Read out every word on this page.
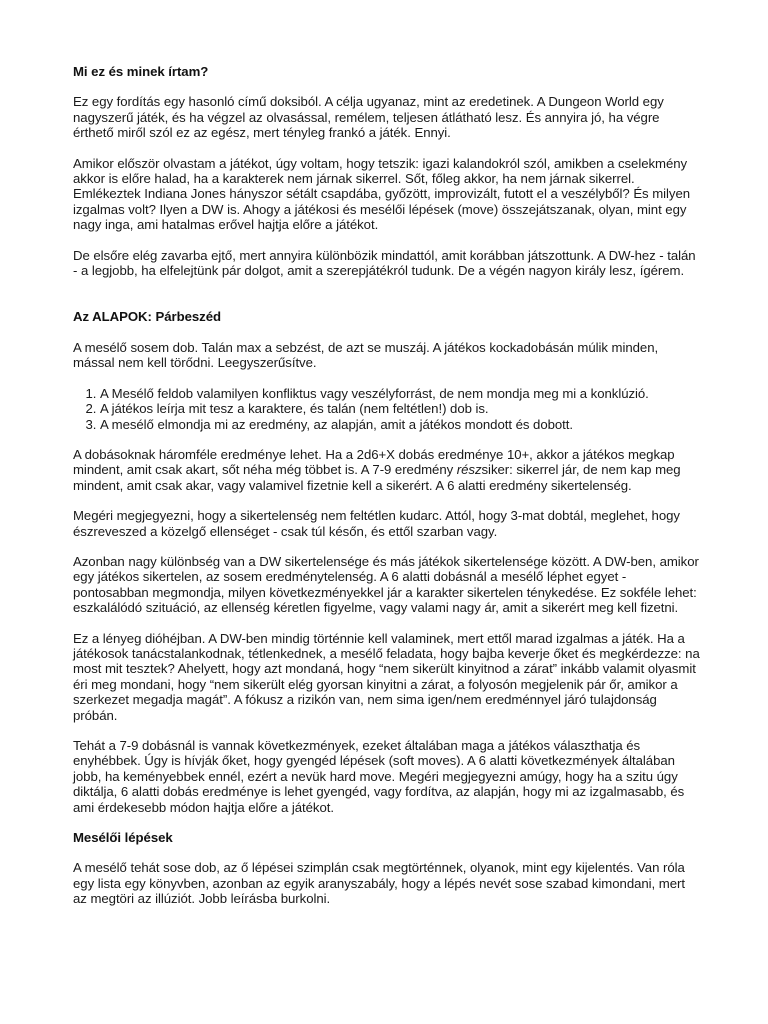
Mi ez és minek írtam?

Ez egy fordítás egy hasonló című doksiból. A célja ugyanaz, mint az eredetinek. A Dungeon World egy nagyszerű játék, és ha végzel az olvasással, remélem, teljesen átlátható lesz. És annyira jó, ha végre érthető miről szól ez az egész, mert tényleg frankó a játék. Ennyi.

Amikor először olvastam a játékot, úgy voltam, hogy tetszik: igazi kalandokról szól, amikben a cselekmény akkor is előre halad, ha a karakterek nem járnak sikerrel. Sőt, főleg akkor, ha nem járnak sikerrel. Emlékeztek Indiana Jones hányszor sétált csapdába, győzött, improvizált, futott el a veszélyből? És milyen izgalmas volt? Ilyen a DW is. Ahogy a játékosi és mesélői lépések (move) összejátszanak, olyan, mint egy nagy inga, ami hatalmas erővel hajtja előre a játékot.

De elsőre elég zavarba ejtő, mert annyira különbözik mindattól, amit korábban játszottunk. A DW-hez - talán - a legjobb, ha elfelejtünk pár dolgot, amit a szerepjátékról tudunk. De a végén nagyon király lesz, ígérem.

Az ALAPOK: Párbeszéd

A mesélő sosem dob. Talán max a sebzést, de azt se muszáj. A játékos kockadobásán múlik minden, mással nem kell törődni. Leegyszerűsítve.

1. A Mesélő feldob valamilyen konfliktus vagy veszélyforrást, de nem mondja meg mi a konklúzió.
2. A játékos leírja mit tesz a karaktere, és talán (nem feltétlen!) dob is.
3. A mesélő elmondja mi az eredmény, az alapján, amit a játékos mondott és dobott.

A dobásoknak háromféle eredménye lehet. Ha a 2d6+X dobás eredménye 10+, akkor a játékos megkap mindent, amit csak akart, sőt néha még többet is. A 7-9 eredmény részsiker: sikerrel jár, de nem kap meg mindent, amit csak akar, vagy valamivel fizetnie kell a sikerért. A 6 alatti eredmény sikertelenség.

Megéri megjegyezni, hogy a sikertelenség nem feltétlen kudarc. Attól, hogy 3-mat dobtál, meglehet, hogy észreveszed a közelgő ellenséget - csak túl későn, és ettől szarban vagy.

Azonban nagy különbség van a DW sikertelensége és más játékok sikertelensége között. A DW-ben, amikor egy játékos sikertelen, az sosem eredménytelenség. A 6 alatti dobásnál a mesélő léphet egyet - pontosabban megmondja, milyen következményekkel jár a karakter sikertelen ténykedése. Ez sokféle lehet: eszkalálódó szituáció, az ellenség kéretlen figyelme, vagy valami nagy ár, amit a sikerért meg kell fizetni.

Ez a lényeg dióhéjban. A DW-ben mindig történnie kell valaminek, mert ettől marad izgalmas a játék. Ha a játékosok tanácstalankodnak, tétlenkednek, a mesélő feladata, hogy bajba keverje őket és megkérdezze: na most mit tesztek? Ahelyett, hogy azt mondaná, hogy “nem sikerült kinyitnod a zárat” inkább valamit olyasmit éri meg mondani, hogy “nem sikerült elég gyorsan kinyitni a zárat, a folyosón megjelenik pár őr, amikor a szerkezet megadja magát”. A fókusz a rizikón van, nem sima igen/nem eredménnyel járó tulajdonság próbán.

Tehát a 7-9 dobásnál is vannak következmények, ezeket általában maga a játékos választhatja és enyhébbek. Úgy is hívják őket, hogy gyengéd lépések (soft moves). A 6 alatti következmények általában jobb, ha keményebbek ennél, ezért a nevük hard move. Megéri megjegyezni amúgy, hogy ha a szitu úgy diktálja, 6 alatti dobás eredménye is lehet gyengéd, vagy fordítva, az alapján, hogy mi az izgalmasabb, és ami érdekesebb módon hajtja előre a játékot.

Mesélői lépések

A mesélő tehát sose dob, az ő lépései szimplán csak megtörténnek, olyanok, mint egy kijelentés. Van róla egy lista egy könyvben, azonban az egyik aranyszabály, hogy a lépés nevét sose szabad kimondani, mert az megtöri az illúziót. Jobb leírásba burkolni.
